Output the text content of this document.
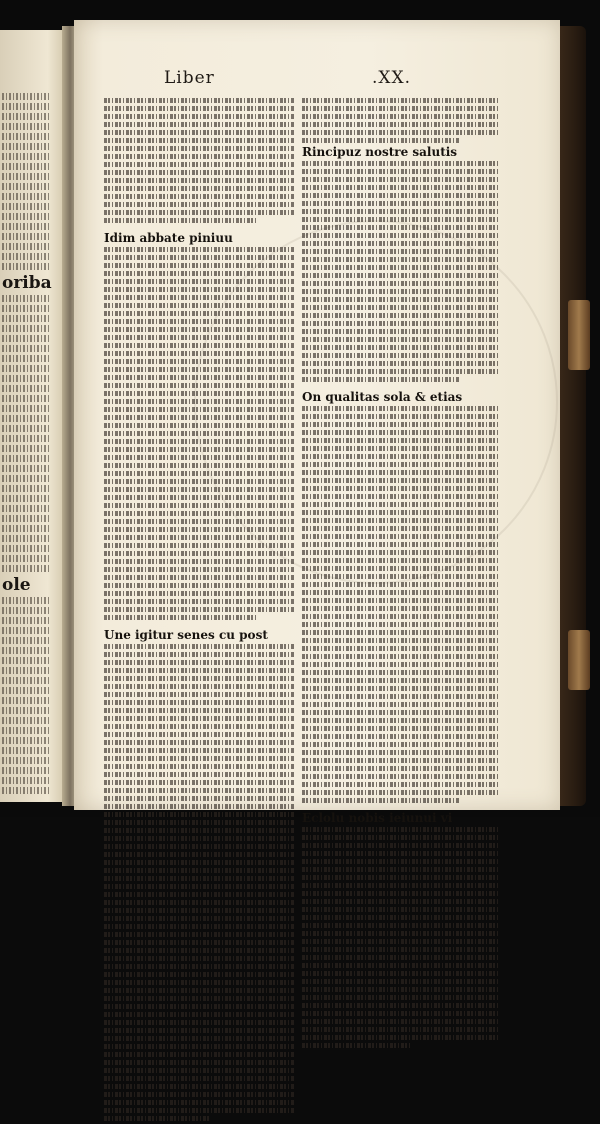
oriba
ole
Liber	.XX.
Idim abbate piniuu
Une igitur senes cu post
Rincipuz nostre salutis
On qualitas sola & etias
Eclolu nobis ieiunui vi
